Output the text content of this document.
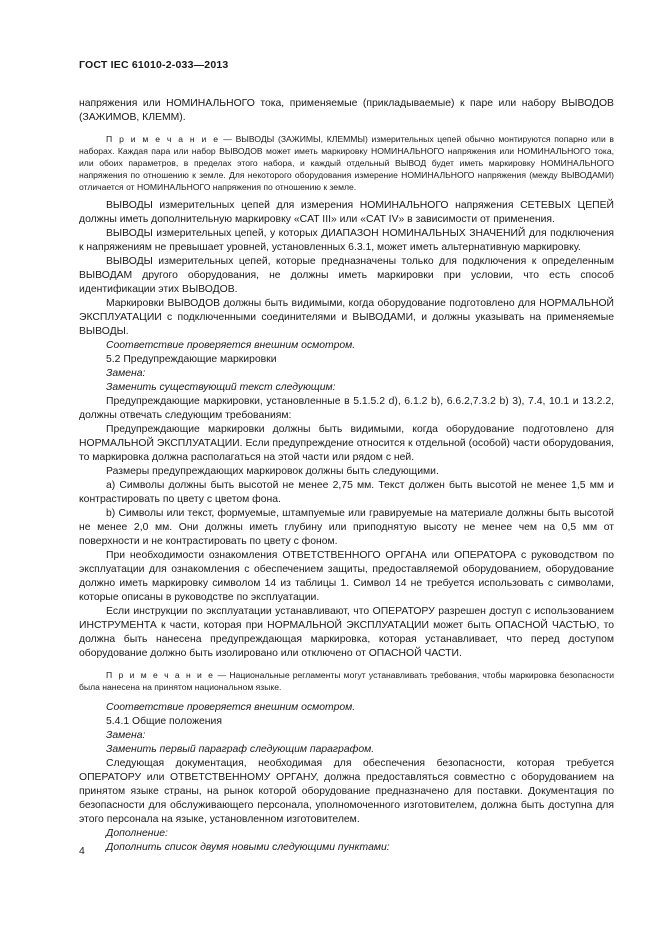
ГОСТ IEC 61010-2-033—2013

напряжения или НОМИНАЛЬНОГО тока, применяемые (прикладываемые) к паре или набору ВЫВОДОВ (ЗАЖИМОВ, КЛЕММ).

П р и м е ч а н и е — ВЫВОДЫ (ЗАЖИМЫ, КЛЕММЫ) измерительных цепей обычно монтируются попарно или в наборах. Каждая пара или набор ВЫВОДОВ может иметь маркировку НОМИНАЛЬНОГО напряжения или НОМИНАЛЬНОГО тока, или обоих параметров, в пределах этого набора, и каждый отдельный ВЫВОД будет иметь маркировку НОМИНАЛЬНОГО напряжения по отношению к земле. Для некоторого оборудования измерение НОМИНАЛЬНОГО напряжения (между ВЫВОДАМИ) отличается от НОМИНАЛЬНОГО напряжения по отношению к земле.

ВЫВОДЫ измерительных цепей для измерения НОМИНАЛЬНОГО напряжения СЕТЕВЫХ ЦЕПЕЙ должны иметь дополнительную маркировку «CAT III» или «CAT IV» в зависимости от применения.

ВЫВОДЫ измерительных цепей, у которых ДИАПАЗОН НОМИНАЛЬНЫХ ЗНАЧЕНИЙ для подключения к напряжениям не превышает уровней, установленных 6.3.1, может иметь альтернативную маркировку.

ВЫВОДЫ измерительных цепей, которые предназначены только для подключения к определенным ВЫВОДАМ другого оборудования, не должны иметь маркировки при условии, что есть способ идентификации этих ВЫВОДОВ.

Маркировки ВЫВОДОВ должны быть видимыми, когда оборудование подготовлено для НОРМАЛЬНОЙ ЭКСПЛУАТАЦИИ с подключенными соединителями и ВЫВОДАМИ, и должны указывать на применяемые ВЫВОДЫ.

Соответствие проверяется внешним осмотром.

5.2 Предупреждающие маркировки

Замена:

Заменить существующий текст следующим:

Предупреждающие маркировки, установленные в 5.1.5.2 d), 6.1.2 b), 6.6.2,7.3.2 b) 3), 7.4, 10.1 и 13.2.2, должны отвечать следующим требованиям:

Предупреждающие маркировки должны быть видимыми, когда оборудование подготовлено для НОРМАЛЬНОЙ ЭКСПЛУАТАЦИИ. Если предупреждение относится к отдельной (особой) части оборудования, то маркировка должна располагаться на этой части или рядом с ней.

Размеры предупреждающих маркировок должны быть следующими.

a) Символы должны быть высотой не менее 2,75 мм. Текст должен быть высотой не менее 1,5 мм и контрастировать по цвету с цветом фона.

b) Символы или текст, формуемые, штампуемые или гравируемые на материале должны быть высотой не менее 2,0 мм. Они должны иметь глубину или приподнятую высоту не менее чем на 0,5 мм от поверхности и не контрастировать по цвету с фоном.

При необходимости ознакомления ОТВЕТСТВЕННОГО ОРГАНА или ОПЕРАТОРА с руководством по эксплуатации для ознакомления с обеспечением защиты, предоставляемой оборудованием, оборудование должно иметь маркировку символом 14 из таблицы 1. Символ 14 не требуется использовать с символами, которые описаны в руководстве по эксплуатации.

Если инструкции по эксплуатации устанавливают, что ОПЕРАТОРУ разрешен доступ с использованием ИНСТРУМЕНТА к части, которая при НОРМАЛЬНОЙ ЭКСПЛУАТАЦИИ может быть ОПАСНОЙ ЧАСТЬЮ, то должна быть нанесена предупреждающая маркировка, которая устанавливает, что перед доступом оборудование должно быть изолировано или отключено от ОПАСНОЙ ЧАСТИ.

П р и м е ч а н и е — Национальные регламенты могут устанавливать требования, чтобы маркировка безопасности была нанесена на принятом национальном языке.

Соответствие проверяется внешним осмотром.

5.4.1 Общие положения

Замена:

Заменить первый параграф следующим параграфом.

Следующая документация, необходимая для обеспечения безопасности, которая требуется ОПЕРАТОРУ или ОТВЕТСТВЕННОМУ ОРГАНУ, должна предоставляться совместно с оборудованием на принятом языке страны, на рынок которой оборудование предназначено для поставки. Документация по безопасности для обслуживающего персонала, уполномоченного изготовителем, должна быть доступна для этого персонала на языке, установленном изготовителем.

Дополнение:

Дополнить список двумя новыми следующими пунктами:

4
